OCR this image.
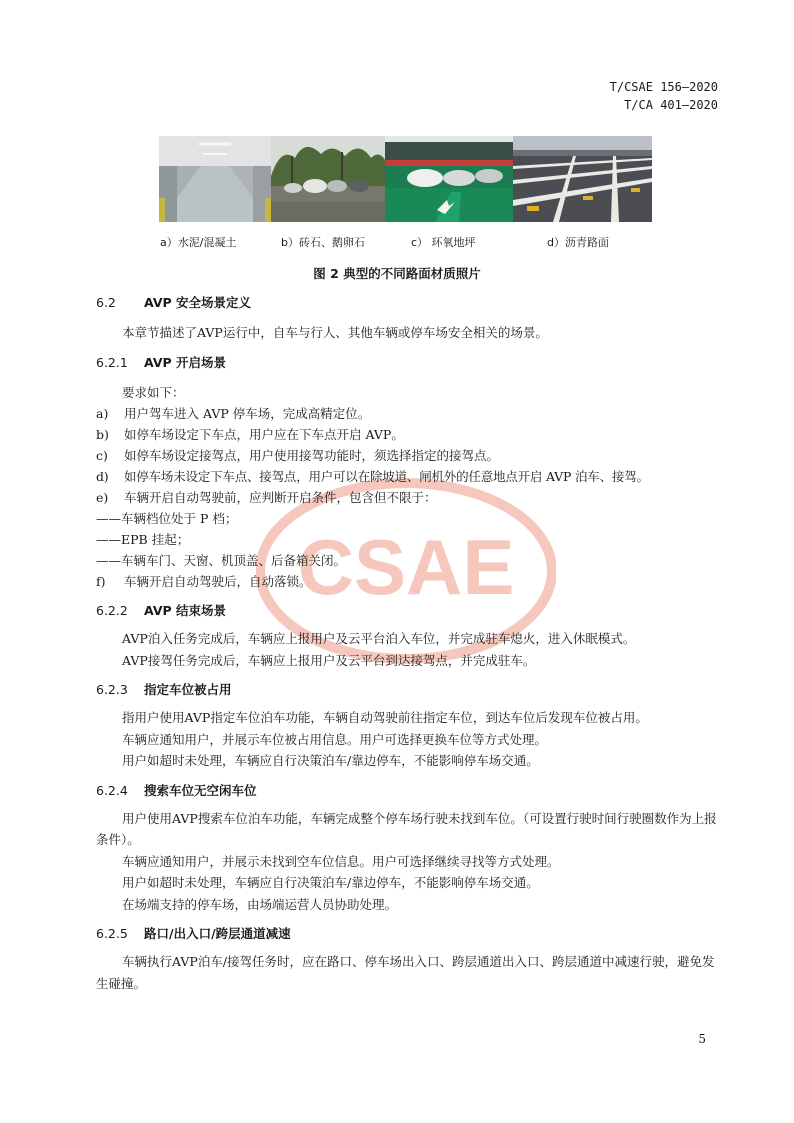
T/CSAE 156—2020
T/CA 401—2020
a）水泥/混凝土	b）砖石、鹅卵石	c） 环氧地坪	d）沥青路面
图 2 典型的不同路面材质照片
CSAE
6.2 AVP 安全场景定义

本章节描述了AVP运行中，自车与行人、其他车辆或停车场安全相关的场景。

6.2.1 AVP 开启场景

要求如下：

a) 用户驾车进入 AVP 停车场，完成高精定位。
b) 如停车场设定下车点，用户应在下车点开启 AVP。
c) 如停车场设定接驾点，用户使用接驾功能时，须选择指定的接驾点。
d) 如停车场未设定下车点、接驾点，用户可以在除坡道、闸机外的任意地点开启 AVP 泊车、接驾。
e) 车辆开启自动驾驶前，应判断开启条件，包含但不限于：
——车辆档位处于 P 档；
——EPB 挂起；
——车辆车门、天窗、机顶盖、后备箱关闭。
f) 车辆开启自动驾驶后，自动落锁。
6.2.2 AVP 结束场景

AVP泊入任务完成后，车辆应上报用户及云平台泊入车位，并完成驻车熄火，进入休眠模式。

AVP接驾任务完成后，车辆应上报用户及云平台到达接驾点，并完成驻车。

6.2.3 指定车位被占用

指用户使用AVP指定车位泊车功能，车辆自动驾驶前往指定车位，到达车位后发现车位被占用。

车辆应通知用户，并展示车位被占用信息。用户可选择更换车位等方式处理。

用户如超时未处理，车辆应自行决策泊车/靠边停车，不能影响停车场交通。

6.2.4 搜索车位无空闲车位

用户使用AVP搜索车位泊车功能，车辆完成整个停车场行驶未找到车位。（可设置行驶时间行驶圈数作为上报条件）。

车辆应通知用户，并展示未找到空车位信息。用户可选择继续寻找等方式处理。

用户如超时未处理，车辆应自行决策泊车/靠边停车，不能影响停车场交通。

在场端支持的停车场，由场端运营人员协助处理。

6.2.5 路口/出入口/跨层通道减速

车辆执行AVP泊车/接驾任务时，应在路口、停车场出入口、跨层通道出入口、跨层通道中减速行驶，避免发生碰撞。

5
